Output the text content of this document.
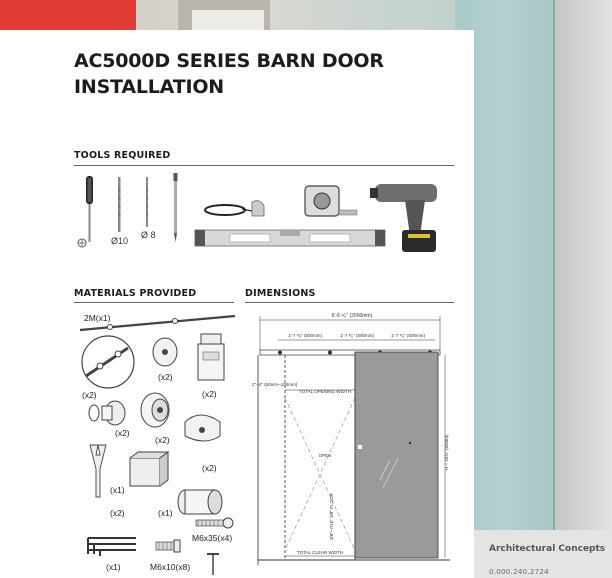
AC5000D SERIES BARN DOOR INSTALLATION
TOOLS REQUIRED
Ø10
Ø 8
MATERIALS PROVIDED
2M(x1)
(x2)
(x2)
(x2)
(x2)
(x2)
(x2)
(x1)
(x2)	(x1)
M6x35(x4)
(x1)	M6x10(x8)
DIMENSIONS
6'-6 ⁵⁄₈" (2000mm)
1'-7 ⁵⁄₈" (500mm)	1'-7 ⁵⁄₈" (500mm)	1'-7 ⁵⁄₈" (500mm)
2"~4" (50mm~100mm)
TOTAL OPENING WIDTH
OPEN	H ~ 33⅝" (60mm)
3/8"~7/16" 3/8" FLOOR
TOTAL CLEAR WIDTH	Architectural Concepts
0.000.240.2724
